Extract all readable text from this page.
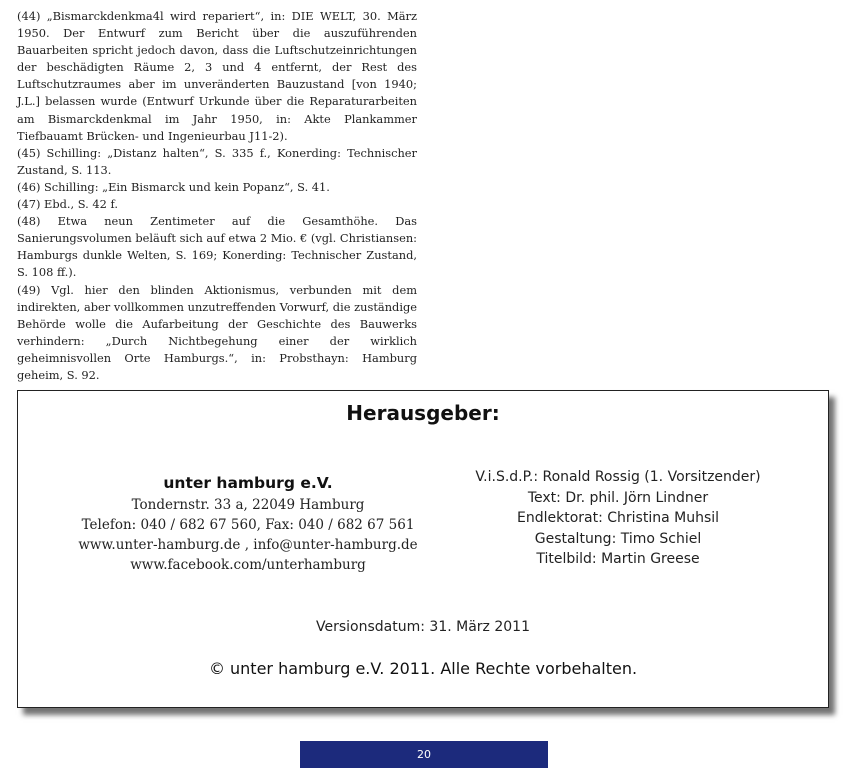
(44) „Bismarckdenkma4l wird repariert“, in: DIE WELT, 30. März 1950. Der Entwurf zum Bericht über die auszuführenden Bauarbeiten spricht jedoch davon, dass die Luftschutzeinrichtungen der beschädigten Räume 2, 3 und 4 entfernt, der Rest des Luftschutzraumes aber im unveränderten Bauzustand [von 1940; J.L.] belassen wurde (Entwurf Urkunde über die Reparaturarbeiten am Bismarckdenkmal im Jahr 1950, in: Akte Plankammer Tiefbauamt Brücken- und Ingenieurbau J11-2).

(45) Schilling: „Distanz halten“, S. 335 f., Konerding: Technischer Zustand, S. 113.

(46) Schilling: „Ein Bismarck und kein Popanz“, S. 41.

(47) Ebd., S. 42 f.

(48) Etwa neun Zentimeter auf die Gesamthöhe. Das Sanierungsvolumen beläuft sich auf etwa 2 Mio. € (vgl. Christiansen: Hamburgs dunkle Welten, S. 169; Konerding: Technischer Zustand, S. 108 ff.).

(49) Vgl. hier den blinden Aktionismus, verbunden mit dem indirekten, aber vollkommen unzutreffenden Vorwurf, die zuständige Behörde wolle die Aufarbeitung der Geschichte des Bauwerks verhindern: „Durch Nichtbegehung einer der wirklich geheimnisvollen Orte Hamburgs.“, in: Probsthayn: Hamburg geheim, S. 92.

Herausgeber:
unter hamburg e.V.
Tondernstr. 33 a, 22049 Hamburg
Telefon: 040 / 682 67 560, Fax: 040 / 682 67 561
www.unter-hamburg.de , info@unter-hamburg.de
www.facebook.com/unterhamburg
V.i.S.d.P.: Ronald Rossig (1. Vorsitzender)
Text: Dr. phil. Jörn Lindner
Endlektorat: Christina Muhsil
Gestaltung: Timo Schiel
Titelbild: Martin Greese
Versionsdatum: 31. März 2011
© unter hamburg e.V. 2011. Alle Rechte vorbehalten.
20
